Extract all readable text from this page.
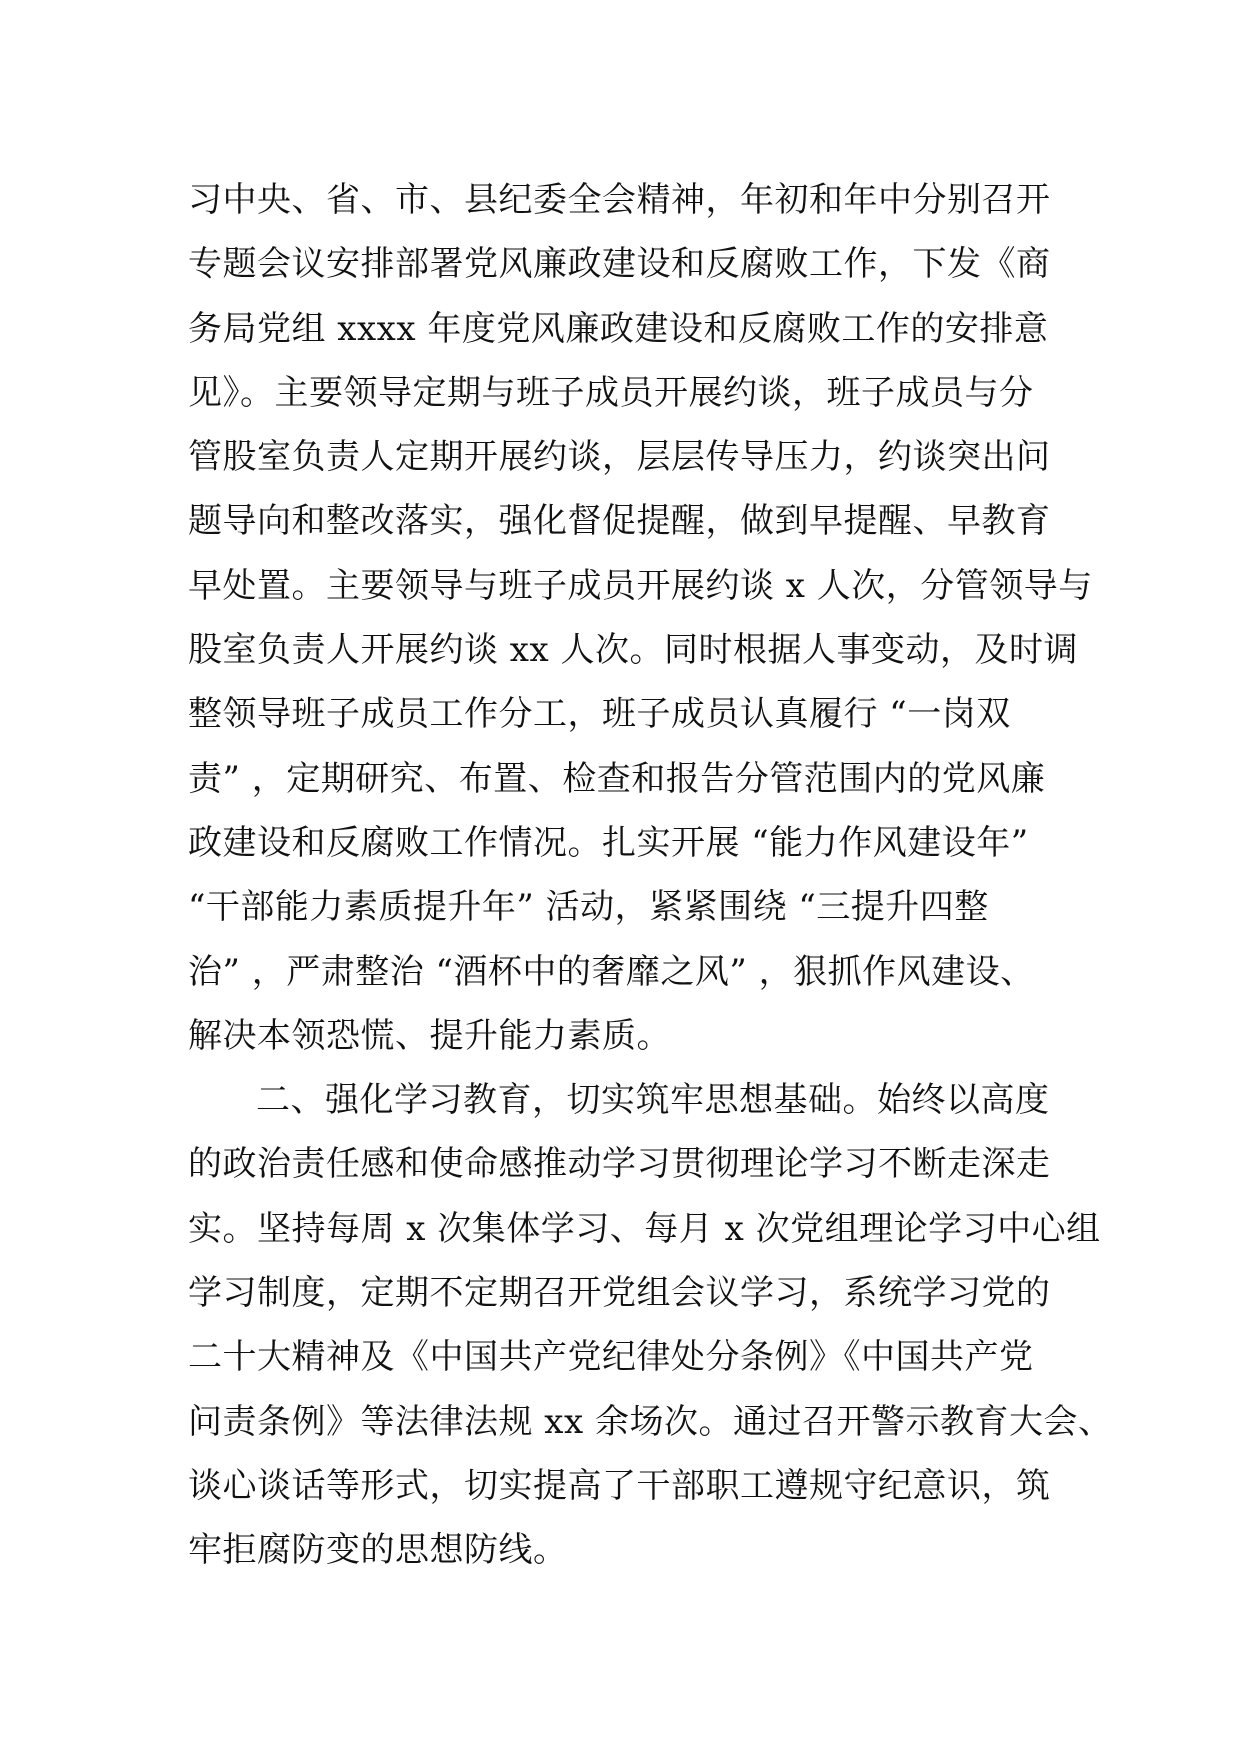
习中央、省、市、县纪委全会精神，年初和年中分别召开
专题会议安排部署党风廉政建设和反腐败工作，下发《商
务局党组 xxxx 年度党风廉政建设和反腐败工作的安排意
见》。主要领导定期与班子成员开展约谈，班子成员与分
管股室负责人定期开展约谈，层层传导压力，约谈突出问
题导向和整改落实，强化督促提醒，做到早提醒、早教育
早处置。主要领导与班子成员开展约谈 x 人次，分管领导与
股室负责人开展约谈 xx 人次。同时根据人事变动，及时调
整领导班子成员工作分工，班子成员认真履行 “一岗双
责” ，定期研究、布置、检查和报告分管范围内的党风廉
政建设和反腐败工作情况。扎实开展 “能力作风建设年”
“干部能力素质提升年” 活动，紧紧围绕 “三提升四整
治” ，严肃整治 “酒杯中的奢靡之风” ，狠抓作风建设、
解决本领恐慌、提升能力素质。
二、强化学习教育，切实筑牢思想基础。始终以高度
的政治责任感和使命感推动学习贯彻理论学习不断走深走
实。坚持每周 x 次集体学习、每月 x 次党组理论学习中心组
学习制度，定期不定期召开党组会议学习，系统学习党的
二十大精神及《中国共产党纪律处分条例》《中国共产党
问责条例》等法律法规 xx 余场次。通过召开警示教育大会、
谈心谈话等形式，切实提高了干部职工遵规守纪意识，筑
牢拒腐防变的思想防线。
